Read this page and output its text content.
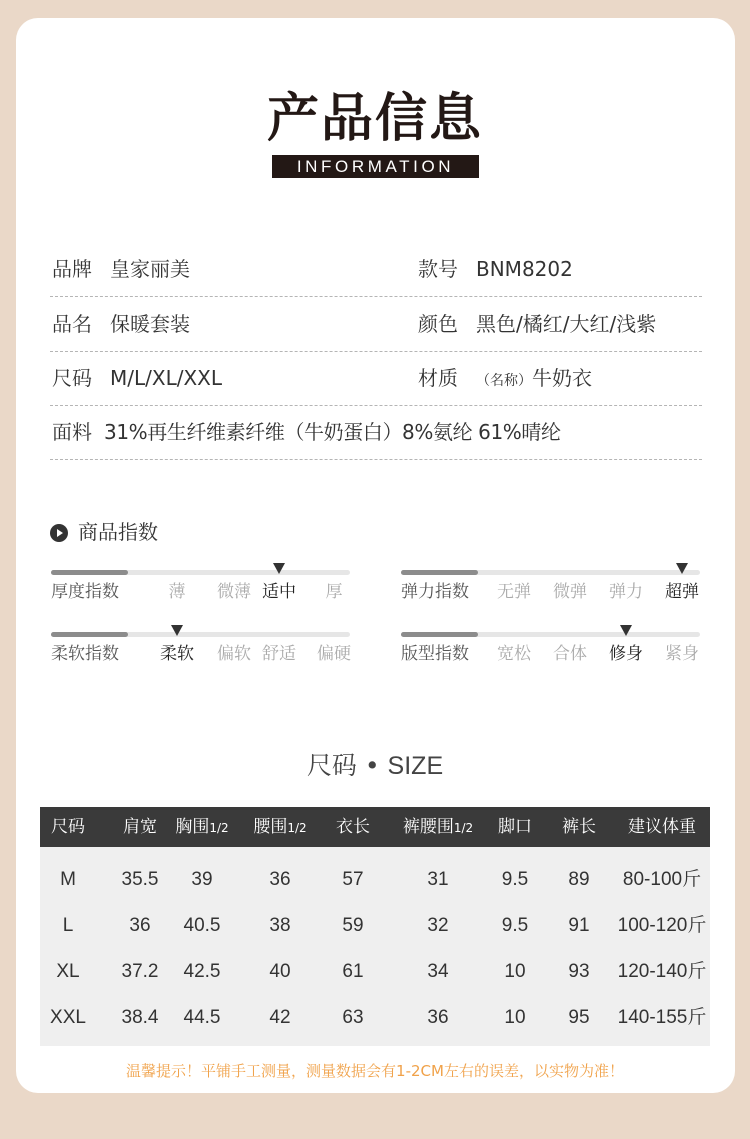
产品信息
INFORMATION
品牌 皇家丽美	款号 BNM8202
品名 保暖套装	颜色 黑色/橘红/大红/浅紫
尺码 M/L/XL/XXL	材质 （名称）牛奶衣
面料 31%再生纤维素纤维（牛奶蛋白）8%氨纶 61%晴纶
商品指数
厚度指数	薄 微薄 适中 厚	弹力指数 无弹 微弹 弹力 超弹
柔软指数 柔软 偏软 舒适 偏硬	版型指数 宽松 合体 修身 紧身
尺码 • SIZE
尺码 肩宽 胸围1/2 腰围1/2 衣长 裤腰围1/2 脚口 裤长 建议体重
M 35.5 39	36	57	31	9.5 89 80-100斤
L	36 40.5	38	59	32	9.5 91 100-120斤
XL 37.2 42.5	40	61	34	10 93 120-140斤
XXL 38.4 44.5	42	63	36	10 95 140-155斤
温馨提示！平铺手工测量，测量数据会有1-2CM左右的误差，以实物为准！
